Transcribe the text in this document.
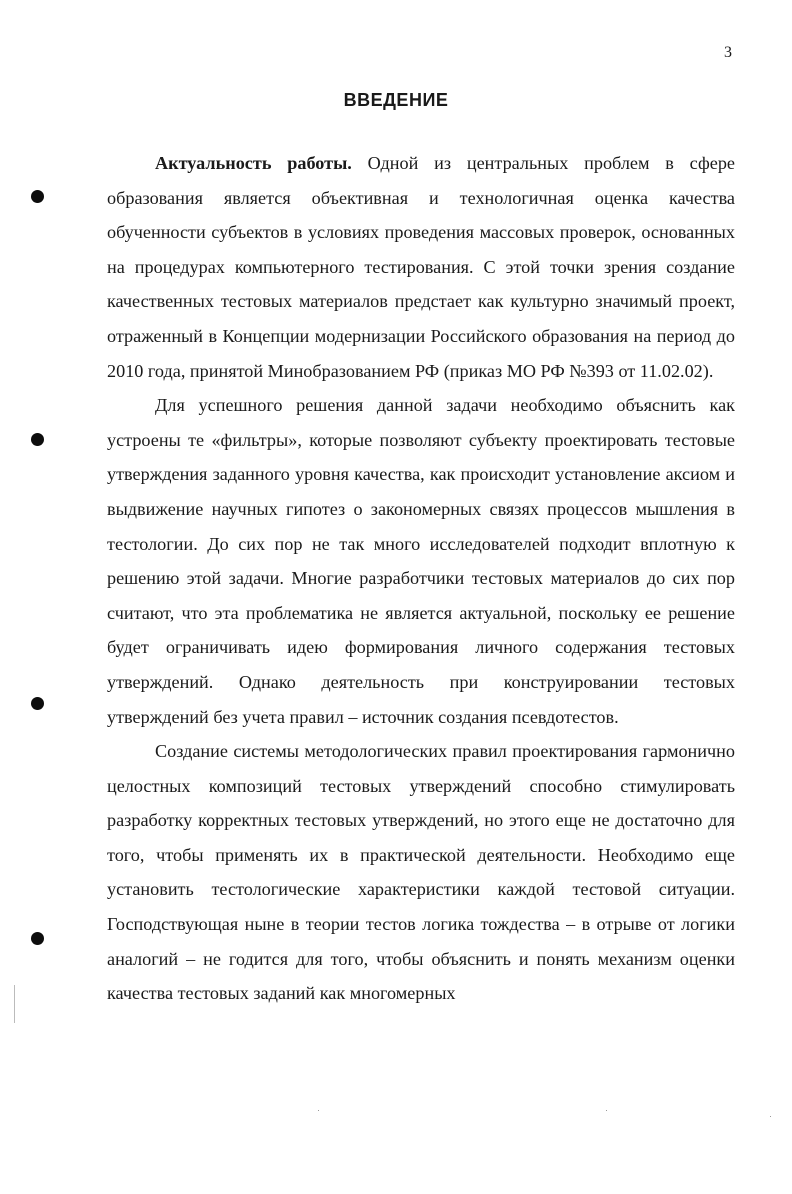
3
ВВЕДЕНИЕ

Актуальность работы. Одной из центральных проблем в сфере образования является объективная и технологичная оценка качества обученности субъектов в условиях проведения массовых проверок, основанных на процедурах компьютерного тестирования. С этой точки зрения создание качественных тестовых материалов предстает как культурно значимый проект, отраженный в Концепции модернизации Российского образования на период до 2010 года, принятой Минобразованием РФ (приказ МО РФ №393 от 11.02.02).

Для успешного решения данной задачи необходимо объяснить как устроены те «фильтры», которые позволяют субъекту проектировать тестовые утверждения заданного уровня качества, как происходит установление аксиом и выдвижение научных гипотез о закономерных связях процессов мышления в тестологии. До сих пор не так много исследователей подходит вплотную к решению этой задачи. Многие разработчики тестовых материалов до сих пор считают, что эта проблематика не является актуальной, поскольку ее решение будет ограничивать идею формирования личного содержания тестовых утверждений. Однако деятельность при конструировании тестовых утверждений без учета правил – источник создания псевдотестов.

Создание системы методологических правил проектирования гармонично целостных композиций тестовых утверждений способно стимулировать разработку корректных тестовых утверждений, но этого еще не достаточно для того, чтобы применять их в практической деятельности. Необходимо еще установить тестологические характеристики каждой тестовой ситуации. Господствующая ныне в теории тестов логика тождества – в отрыве от логики аналогий – не годится для того, чтобы объяснить и понять механизм оценки качества тестовых заданий как многомерных
